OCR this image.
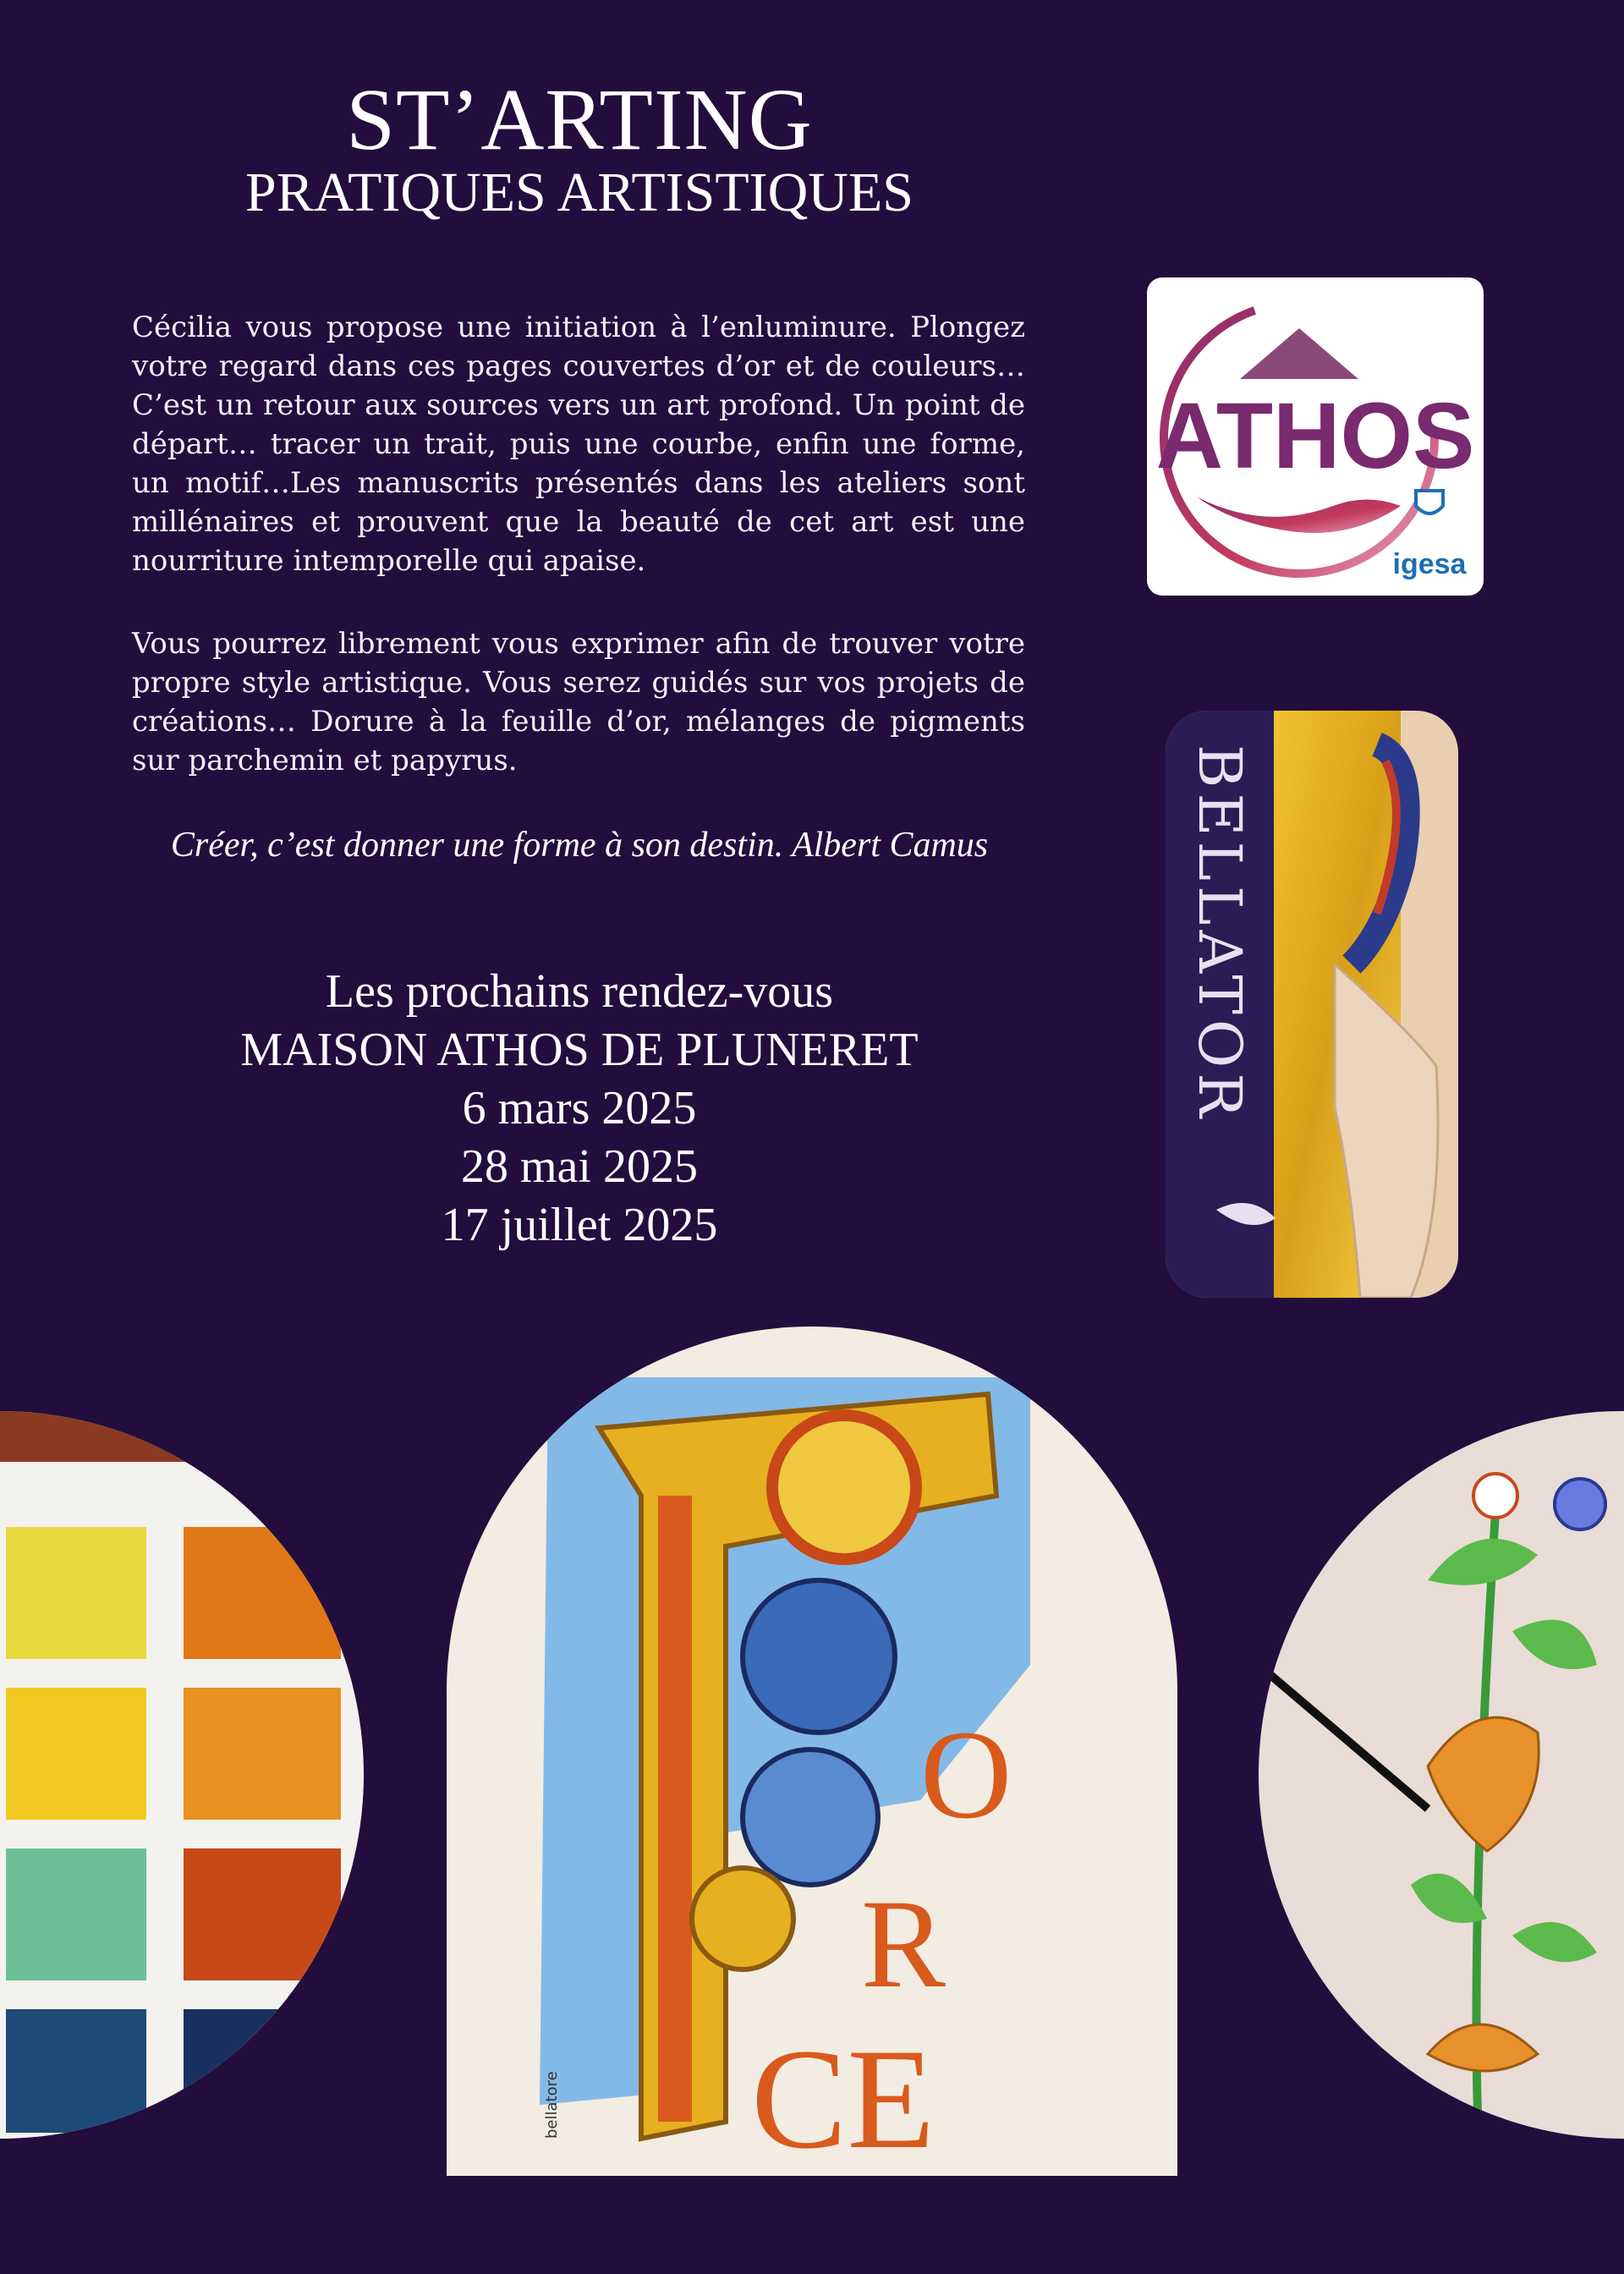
ST’ARTING
PRATIQUES ARTISTIQUES
Cécilia vous propose une initiation à l’enluminure. Plongez votre regard dans ces pages couvertes d’or et de couleurs…C’est un retour aux sources vers un art profond. Un point de départ… tracer un trait, puis une courbe, enfin une forme, un motif…Les manuscrits présentés dans les ateliers sont millénaires et prouvent que la beauté de cet art est une nourriture intemporelle qui apaise.
Vous pourrez librement vous exprimer afin de trouver votre propre style artistique. Vous serez guidés sur vos projets de créations… Dorure à la feuille d’or, mélanges de pigments sur parchemin et papyrus.
Créer, c’est donner une forme à son destin. Albert Camus
Les prochains rendez-vous
MAISON ATHOS DE PLUNERET
6 mars 2025
28 mai 2025
17 juillet 2025
ATHOS
igesa
BELLATOR
O
R
CE
bellatore
